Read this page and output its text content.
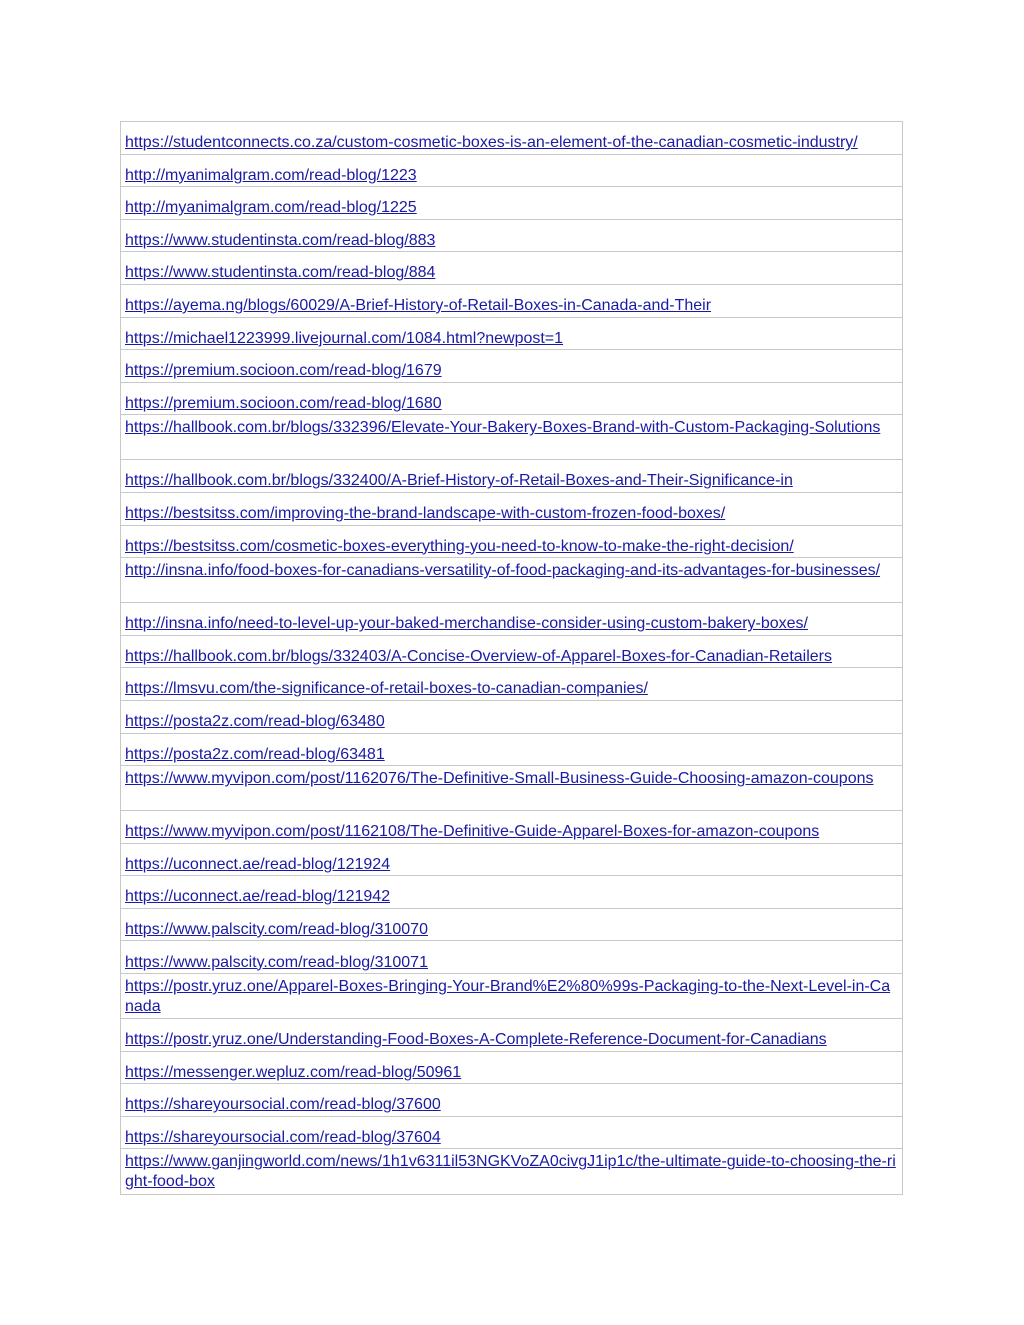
https://studentconnects.co.za/custom-cosmetic-boxes-is-an-element-of-the-canadian-cosmetic-industry/
http://myanimalgram.com/read-blog/1223
http://myanimalgram.com/read-blog/1225
https://www.studentinsta.com/read-blog/883
https://www.studentinsta.com/read-blog/884
https://ayema.ng/blogs/60029/A-Brief-History-of-Retail-Boxes-in-Canada-and-Their
https://michael1223999.livejournal.com/1084.html?newpost=1
https://premium.socioon.com/read-blog/1679
https://premium.socioon.com/read-blog/1680
https://hallbook.com.br/blogs/332396/Elevate-Your-Bakery-Boxes-Brand-with-Custom-Packaging-Solutions
https://hallbook.com.br/blogs/332400/A-Brief-History-of-Retail-Boxes-and-Their-Significance-in
https://bestsitss.com/improving-the-brand-landscape-with-custom-frozen-food-boxes/
https://bestsitss.com/cosmetic-boxes-everything-you-need-to-know-to-make-the-right-decision/
http://insna.info/food-boxes-for-canadians-versatility-of-food-packaging-and-its-advantages-for-businesses/
http://insna.info/need-to-level-up-your-baked-merchandise-consider-using-custom-bakery-boxes/
https://hallbook.com.br/blogs/332403/A-Concise-Overview-of-Apparel-Boxes-for-Canadian-Retailers
https://lmsvu.com/the-significance-of-retail-boxes-to-canadian-companies/
https://posta2z.com/read-blog/63480
https://posta2z.com/read-blog/63481
https://www.myvipon.com/post/1162076/The-Definitive-Small-Business-Guide-Choosing-amazon-coupons
https://www.myvipon.com/post/1162108/The-Definitive-Guide-Apparel-Boxes-for-amazon-coupons
https://uconnect.ae/read-blog/121924
https://uconnect.ae/read-blog/121942
https://www.palscity.com/read-blog/310070
https://www.palscity.com/read-blog/310071
https://postr.yruz.one/Apparel-Boxes-Bringing-Your-Brand%E2%80%99s-Packaging-to-the-Next-Level-in-Canada
https://postr.yruz.one/Understanding-Food-Boxes-A-Complete-Reference-Document-for-Canadians
https://messenger.wepluz.com/read-blog/50961
https://shareyoursocial.com/read-blog/37600
https://shareyoursocial.com/read-blog/37604
https://www.ganjingworld.com/news/1h1v6311il53NGKVoZA0civgJ1ip1c/the-ultimate-guide-to-choosing-the-right-food-box
